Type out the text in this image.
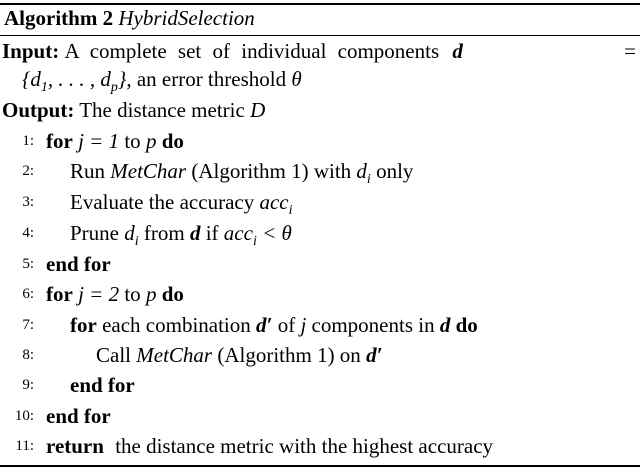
Algorithm 2 HybridSelection
Input: A complete set of individual components d	=
{$d_1$, . . . , $d_p$}, an error threshold θ
Output: The distance metric D
1: for j = 1 to p do
2: Run MetChar (Algorithm 1) with $d_i$ only
3: Evaluate the accuracy acc$_i$
4: Prune $d_i$ from d if acc$_i$ < θ
5: end for
6: for j = 2 to p do
7: for each combination d′ of j components in d do
8:	Call MetChar (Algorithm 1) on d′
9: end for
10: end for
11: return the distance metric with the highest accuracy
